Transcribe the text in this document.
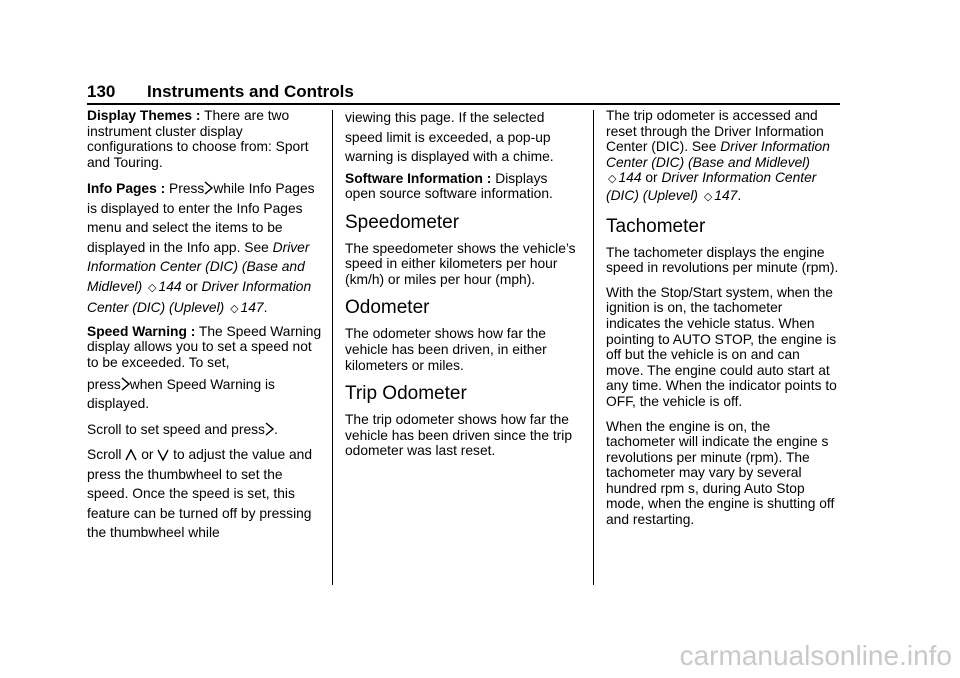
130 Instruments and Controls

Display Themes : There are two instrument cluster display configurations to choose from: Sport and Touring.

Info Pages : Press while Info Pages is displayed to enter the Info Pages menu and select the items to be displayed in the Info app. See Driver Information Center (DIC) (Base and Midlevel) ◇ 144 or Driver Information Center (DIC) (Uplevel) ◇ 147.

Speed Warning : The Speed Warning display allows you to set a speed not to be exceeded. To set,

press when Speed Warning is displayed.

Scroll to set speed and press .

Scroll or to adjust the value and press the thumbwheel to set the speed. Once the speed is set, this feature can be turned off by pressing the thumbwheel while

viewing this page. If the selected speed limit is exceeded, a pop-up warning is displayed with a chime.

Software Information : Displays open source software information.

Speedometer

The speedometer shows the vehicle’s speed in either kilometers per hour (km/h) or miles per hour (mph).

Odometer

The odometer shows how far the vehicle has been driven, in either kilometers or miles.

Trip Odometer

The trip odometer shows how far the vehicle has been driven since the trip odometer was last reset.

The trip odometer is accessed and reset through the Driver Information Center (DIC). See Driver Information Center (DIC) (Base and Midlevel) ◇ 144 or Driver Information Center (DIC) (Uplevel) ◇ 147.

Tachometer

The tachometer displays the engine speed in revolutions per minute (rpm).

With the Stop/Start system, when the ignition is on, the tachometer indicates the vehicle status. When pointing to AUTO STOP, the engine is off but the vehicle is on and can move. The engine could auto start at any time. When the indicator points to OFF, the vehicle is off.

When the engine is on, the tachometer will indicate the engine s revolutions per minute (rpm). The tachometer may vary by several hundred rpm s, during Auto Stop mode, when the engine is shutting off and restarting.

carmanualsonline.info
